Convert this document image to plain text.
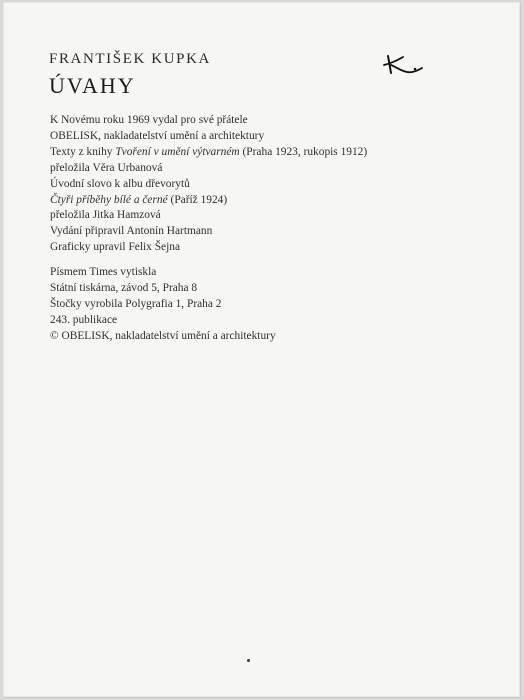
FRANTIŠEK KUPKA
ÚVAHY
K Novému roku 1969 vydal pro své přátele
OBELISK, nakladatelství umění a architektury
Texty z knihy Tvoření v umění výtvarném (Praha 1923, rukopis 1912)
přeložila Věra Urbanová
Úvodní slovo k albu dřevorytů
Čtyři příběhy bílé a černé (Paříž 1924)
přeložila Jitka Hamzová
Vydání připravil Antonín Hartmann
Graficky upravil Felix Šejna
Písmem Times vytiskla
Státní tiskárna, závod 5, Praha 8
Štočky vyrobila Polygrafia 1, Praha 2
243. publikace
© OBELISK, nakladatelství umění a architektury
